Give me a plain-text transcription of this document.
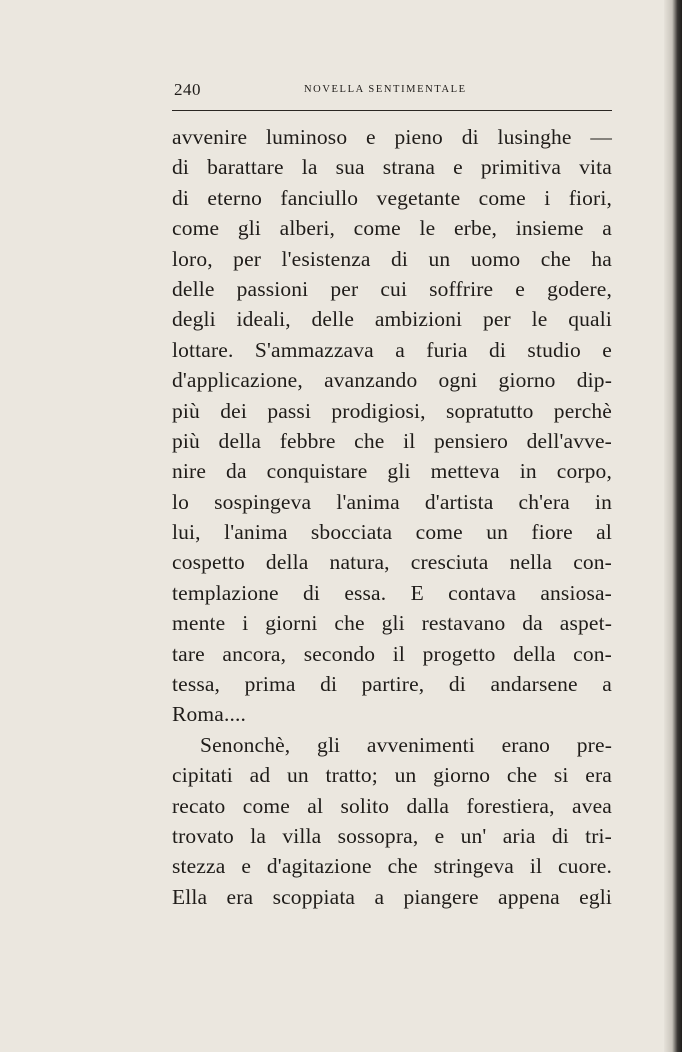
240	NOVELLA SENTIMENTALE
avvenire luminoso e pieno di lusinghe —
di barattare la sua strana e primitiva vita
di eterno fanciullo vegetante come i fiori,
come gli alberi, come le erbe, insieme a
loro, per l'esistenza di un uomo che ha
delle passioni per cui soffrire e godere,
degli ideali, delle ambizioni per le quali
lottare. S'ammazzava a furia di studio e
d'applicazione, avanzando ogni giorno dip-
più dei passi prodigiosi, sopratutto perchè
più della febbre che il pensiero dell'avve-
nire da conquistare gli metteva in corpo,
lo sospingeva l'anima d'artista ch'era in
lui, l'anima sbocciata come un fiore al
cospetto della natura, cresciuta nella con-
templazione di essa. E contava ansiosa-
mente i giorni che gli restavano da aspet-
tare ancora, secondo il progetto della con-
tessa, prima di partire, di andarsene a
Roma....
Senonchè, gli avvenimenti erano pre-
cipitati ad un tratto; un giorno che si era
recato come al solito dalla forestiera, avea
trovato la villa sossopra, e un' aria di tri-
stezza e d'agitazione che stringeva il cuore.
Ella era scoppiata a piangere appena egli
